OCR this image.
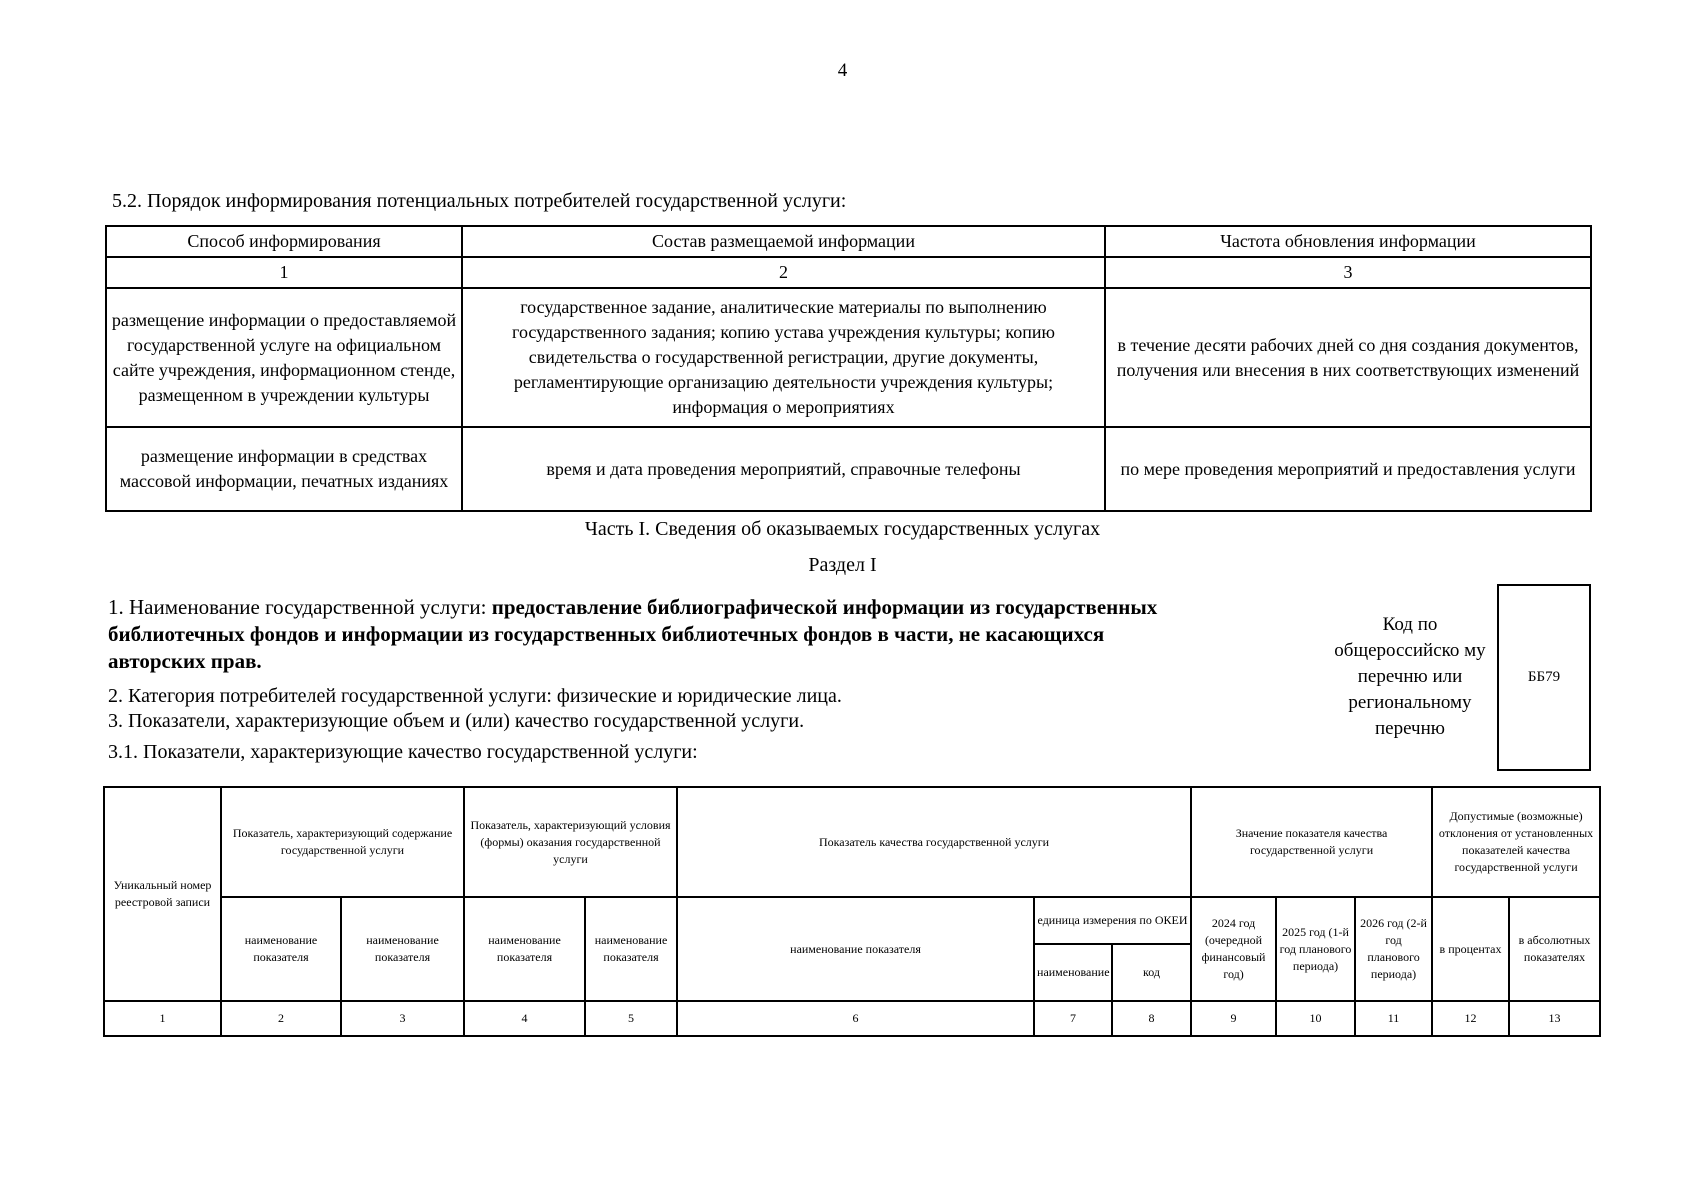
4
5.2. Порядок информирования потенциальных потребителей государственной услуги:
Способ информирования	Состав размещаемой информации	Частота обновления информации
1	2	3
размещение информации о предоставляемой государственной услуге на официальном сайте учреждения, информационном стенде, размещенном в учреждении культуры	государственное задание, аналитические материалы по выполнению государственного задания; копию устава учреждения культуры; копию свидетельства о государственной регистрации, другие документы, регламентирующие организацию деятельности учреждения культуры; информация о мероприятиях	в течение десяти рабочих дней со дня создания документов, получения или внесения в них соответствующих изменений
размещение информации в средствах массовой информации, печатных изданиях	время и дата проведения мероприятий, справочные телефоны	по мере проведения мероприятий и предоставления услуги
Часть I. Сведения об оказываемых государственных услугах
Раздел I
1. Наименование государственной услуги: предоставление библиографической информации из государственных библиотечных фондов и информации из государственных библиотечных фондов в части, не касающихся авторских прав.
2. Категория потребителей государственной услуги: физические и юридические лица.
3. Показатели, характеризующие объем и (или) качество государственной услуги.
3.1. Показатели, характеризующие качество государственной услуги:
Код по общероссийско му перечню или региональному перечню
ББ79
Уникальный номер реестровой записи	Показатель, характеризующий содержание государственной услуги		Показатель, характеризующий условия (формы) оказания государственной услуги		Показатель качества государственной услуги			Значение показателя качества государственной услуги			Допустимые (возможные) отклонения от установленных показателей качества государственной услуги	
	наименование показателя	наименование показателя	наименование показателя	наименование показателя	наименование показателя	единица измерения по ОКЕИ		2024 год (очередной финансовый год)	2025 год (1-й год планового периода)	2026 год (2-й год планового периода)	в процентах	в абсолютных показателях
						наименование	код					
1	2	3	4	5	6	7	8	9	10	11	12	13
